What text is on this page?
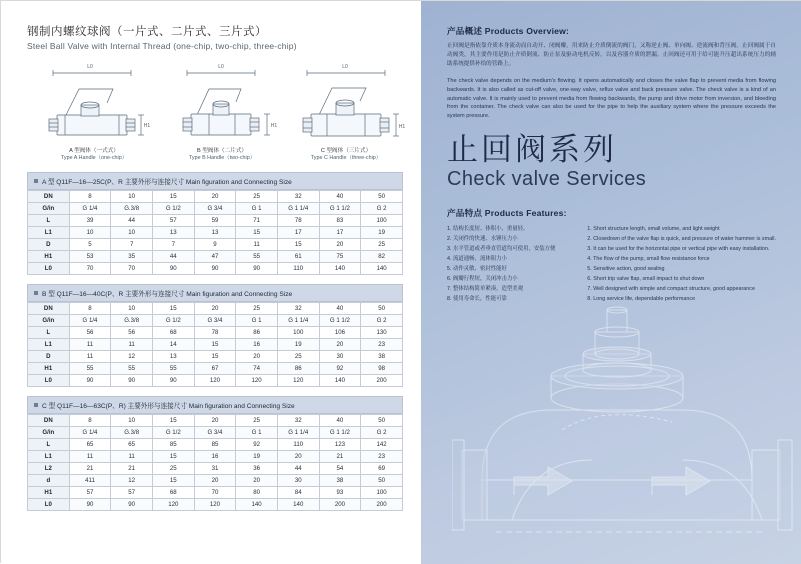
钢制内螺纹球阀（一片式、二片式、三片式）
Steel Ball Valve with Internal Thread (one-chip, two-chip, three-chip)
L0
H1
A 型阀体（一式式）
Type A Handle（one-chip）
L0
H1
B 型阀体（二片式）
Type B Handle（two-chip）
L0
H1
C 型阀体（三片式）
Type C Handle（three-chip）
A 型 Q11F—16—25C(P、R 主要外形与连接尺寸 Main figuration and Connecting Size
DN	8	10	15	20	25	32	40	50
G/in	G 1/4	G.3/8	G 1/2	G 3/4	G 1	G 1 1/4	G 1 1/2	G 2
L	39	44	57	59	71	78	83	100
L1	10	10	13	13	15	17	17	19
D	5	7	7	9	11	15	20	25
H1	53	35	44	47	55	61	75	82
L0	70	70	90	90	90	110	140	140
B 型 Q11F—16—40C(P、R 主要外形与连接尺寸 Main figuration and Connecting Size
DN	8	10	15	20	25	32	40	50
G/in	G 1/4	G.3/8	G 1/2	G 3/4	G 1	G 1 1/4	G 1 1/2	G 2
L	56	56	68	78	86	100	106	130
L1	11	11	14	15	16	19	20	23
D	11	12	13	15	20	25	30	38
H1	55	55	55	67	74	86	92	98
L0	90	90	90	120	120	120	140	200
C 型 Q11F—16—63C(P、R) 主要外形与连接尺寸 Main figuration and Connecting Size
DN	8	10	15	20	25	32	40	50
G/in	G 1/4	G.3/8	G 1/2	G 3/4	G 1	G 1 1/4	G 1 1/2	G 2
L	65	65	85	85	92	110	123	142
L1	11	11	15	16	19	20	21	23
L2	21	21	25	31	36	44	54	69
d	411	12	15	20	20	30	38	50
H1	57	57	68	70	80	84	93	100
L0	90	90	120	120	140	140	200	200
产品概述 Products Overview:
止回阀是指依靠介质本身流动而自动开、闭阀瓣，用来防止介质倒流的阀门，又称逆止阀、单向阀、逆流阀和背压阀。止回阀属于自动阀类，其主要作用是防止介质倒流、防止泵及驱动电机反转，以及容器介质的泄漏。止回阀还可用于给可能升压超出系统压力的辅助系统提供补给的管路上。
The check valve depends on the medium's flowing. It opens automatically and closes the valve flap to prevent media from flowing backwards. It is also called as cut-off valve, one-way valve, reflux valve and back pressure valve. The check valve is a kind of an automatic valve. It is mainly used to prevent media from flowing backwards, the pump and drive motor from inversion, and bleeding from the container. The check valve can also be used for the pipe to help the auxiliary system where the pressure exceeds the system pressure.
止回阀系列
Check valve Services
产品特点 Products Features:
1. 结构长度短、体积小、重量轻。
2. 关闭件的快速、水锤压力小
3. 水平管道或者垂直管道均可使用，安装方便
4. 流道通畅、流体阻力小
5. 动作灵敏、密封性能好
6. 阀瓣行程短，关闭冲击力小
7. 整体结构简单紧凑，造型美观
8. 使用寿命长，性能可靠
1. Short structure length, small volume, and light weight
2. Closedown of the valve flap is quick, and pressure of water hammer is small.
3. It can be used for the horizontal pipe or vertical pipe with easy installation.
4. The flow of the pump, small flow resistance force
5. Sensitive action, good sealing
6. Short trip valve flap, small impact to shut down
7. Well designed with simple and compact structure, good appearance
8. Long service life, dependable performance
